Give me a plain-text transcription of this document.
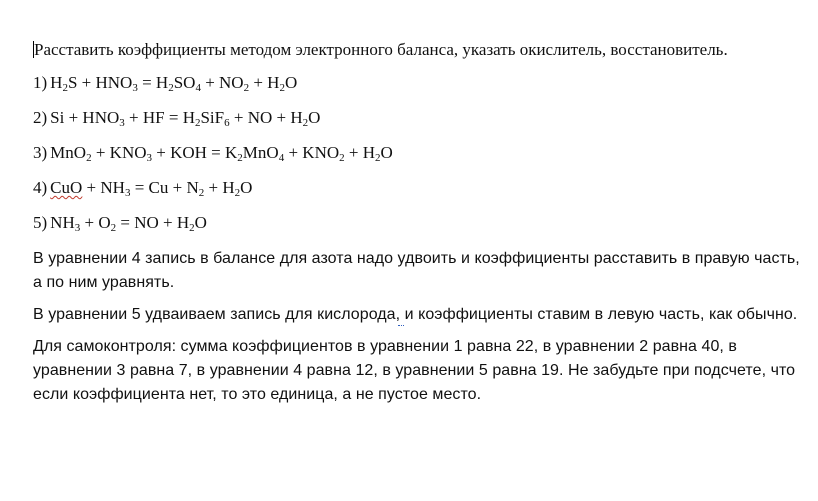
Расставить коэффициенты методом электронного баланса, указать окислитель, восстановитель.

1) $H_2S + HNO_3 = H_2SO_4 + NO_2 + H_2O$

2) $Si + HNO_3$ + HF = $H_2SiF_6$ + NO + $H_2O$

3) $MnO_2 + KNO_3$ + KOH = $K_2MnO_4 + KNO_2 + H_2O$

4) CuO + $NH_3 = Cu + N_2 + H_2O$

5) $NH_3 + O_2$ = NO + $H_2O$

В уравнении 4 запись в балансе для азота надо удвоить и коэффициенты расставить в правую часть, а по ним уравнять.

В уравнении 5 удваиваем запись для кислорода, и коэффициенты ставим в левую часть, как обычно.

Для самоконтроля: сумма коэффициентов в уравнении 1 равна 22, в уравнении 2 равна 40, в уравнении 3 равна 7, в уравнении 4 равна 12, в уравнении 5 равна 19. Не забудьте при подсчете, что если коэффициента нет, то это единица, а не пустое место.
